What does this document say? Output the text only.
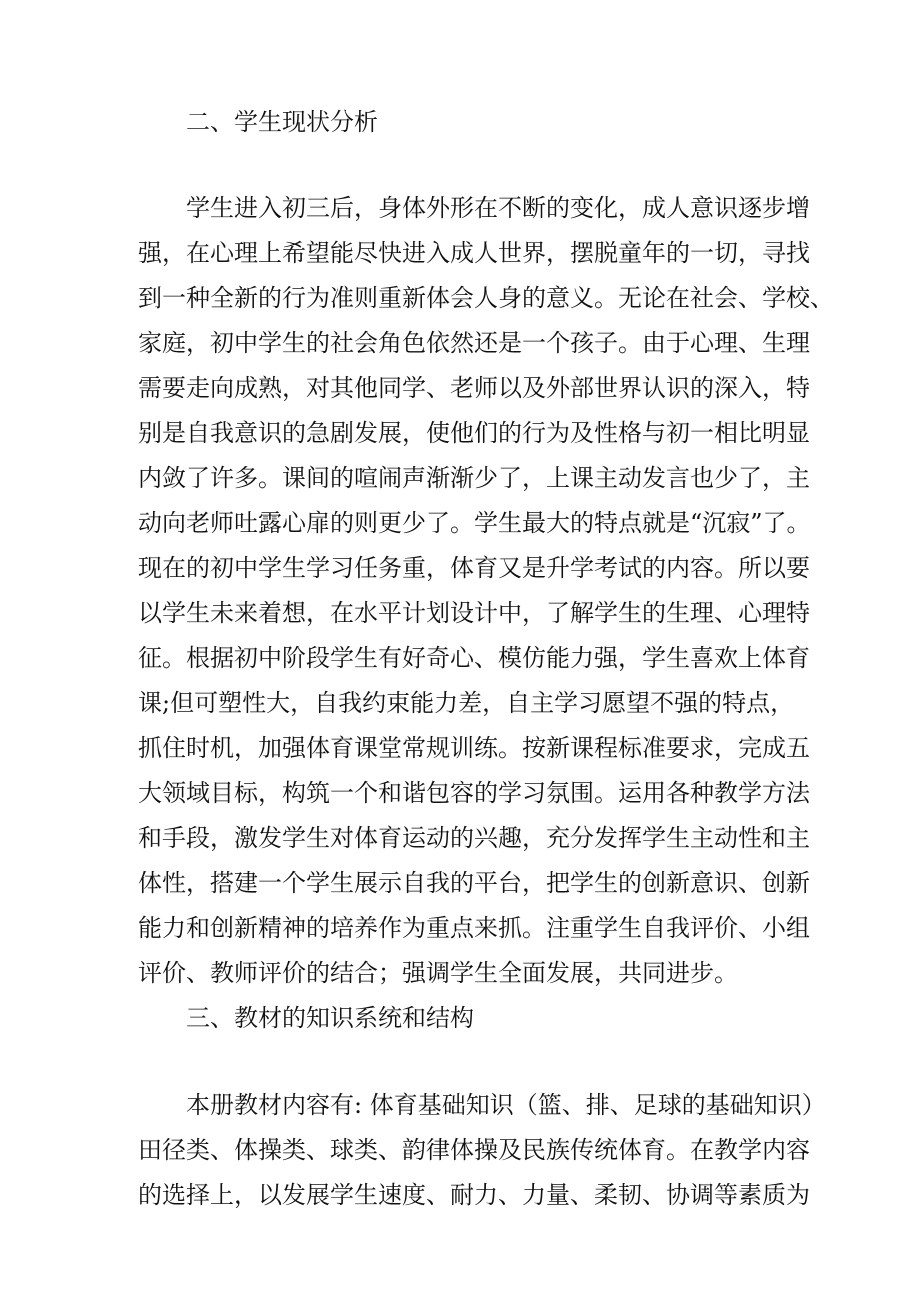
二、学生现状分析
学生进入初三后，身体外形在不断的变化，成人意识逐步增
强，在心理上希望能尽快进入成人世界，摆脱童年的一切，寻找
到一种全新的行为准则重新体会人身的意义。无论在社会、学校、
家庭，初中学生的社会角色依然还是一个孩子。由于心理、生理
需要走向成熟，对其他同学、老师以及外部世界认识的深入，特
别是自我意识的急剧发展，使他们的行为及性格与初一相比明显
内敛了许多。课间的喧闹声渐渐少了，上课主动发言也少了，主
动向老师吐露心扉的则更少了。学生最大的特点就是“沉寂”了。
现在的初中学生学习任务重，体育又是升学考试的内容。所以要
以学生未来着想，在水平计划设计中，了解学生的生理、心理特
征。根据初中阶段学生有好奇心、模仿能力强，学生喜欢上体育
课;但可塑性大，自我约束能力差，自主学习愿望不强的特点，
抓住时机，加强体育课堂常规训练。按新课程标准要求，完成五
大领域目标，构筑一个和谐包容的学习氛围。运用各种教学方法
和手段，激发学生对体育运动的兴趣，充分发挥学生主动性和主
体性，搭建一个学生展示自我的平台，把学生的创新意识、创新
能力和创新精神的培养作为重点来抓。注重学生自我评价、小组
评价、教师评价的结合；强调学生全面发展，共同进步。
三、教材的知识系统和结构
本册教材内容有: 体育基础知识（篮、排、足球的基础知识）
田径类、体操类、球类、韵律体操及民族传统体育。在教学内容
的选择上，以发展学生速度、耐力、力量、柔韧、协调等素质为
